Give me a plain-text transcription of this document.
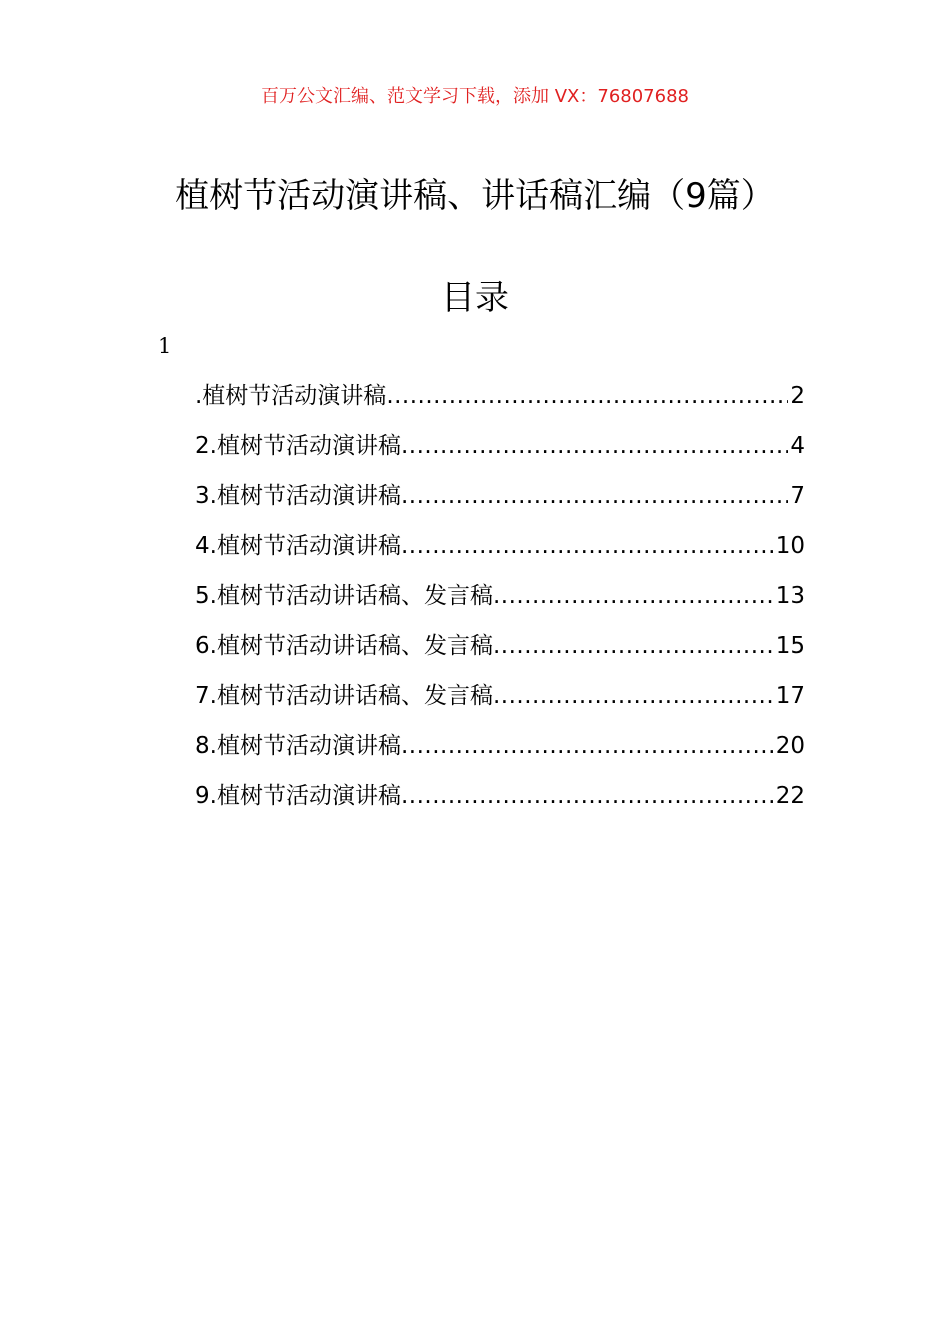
百万公文汇编、范文学习下载，添加 VX：76807688
植树节活动演讲稿、讲话稿汇编（9篇）
目录
1
.植树节活动演讲稿 .....	2
2.植树节活动演讲稿 .....	4
3.植树节活动演讲稿 .....	7
4.植树节活动演讲稿 .....	10
5.植树节活动讲话稿、发言稿 .....	13
6.植树节活动讲话稿、发言稿 .....	15
7.植树节活动讲话稿、发言稿 .....	17
8.植树节活动演讲稿 .....	20
9.植树节活动演讲稿 .....	22
